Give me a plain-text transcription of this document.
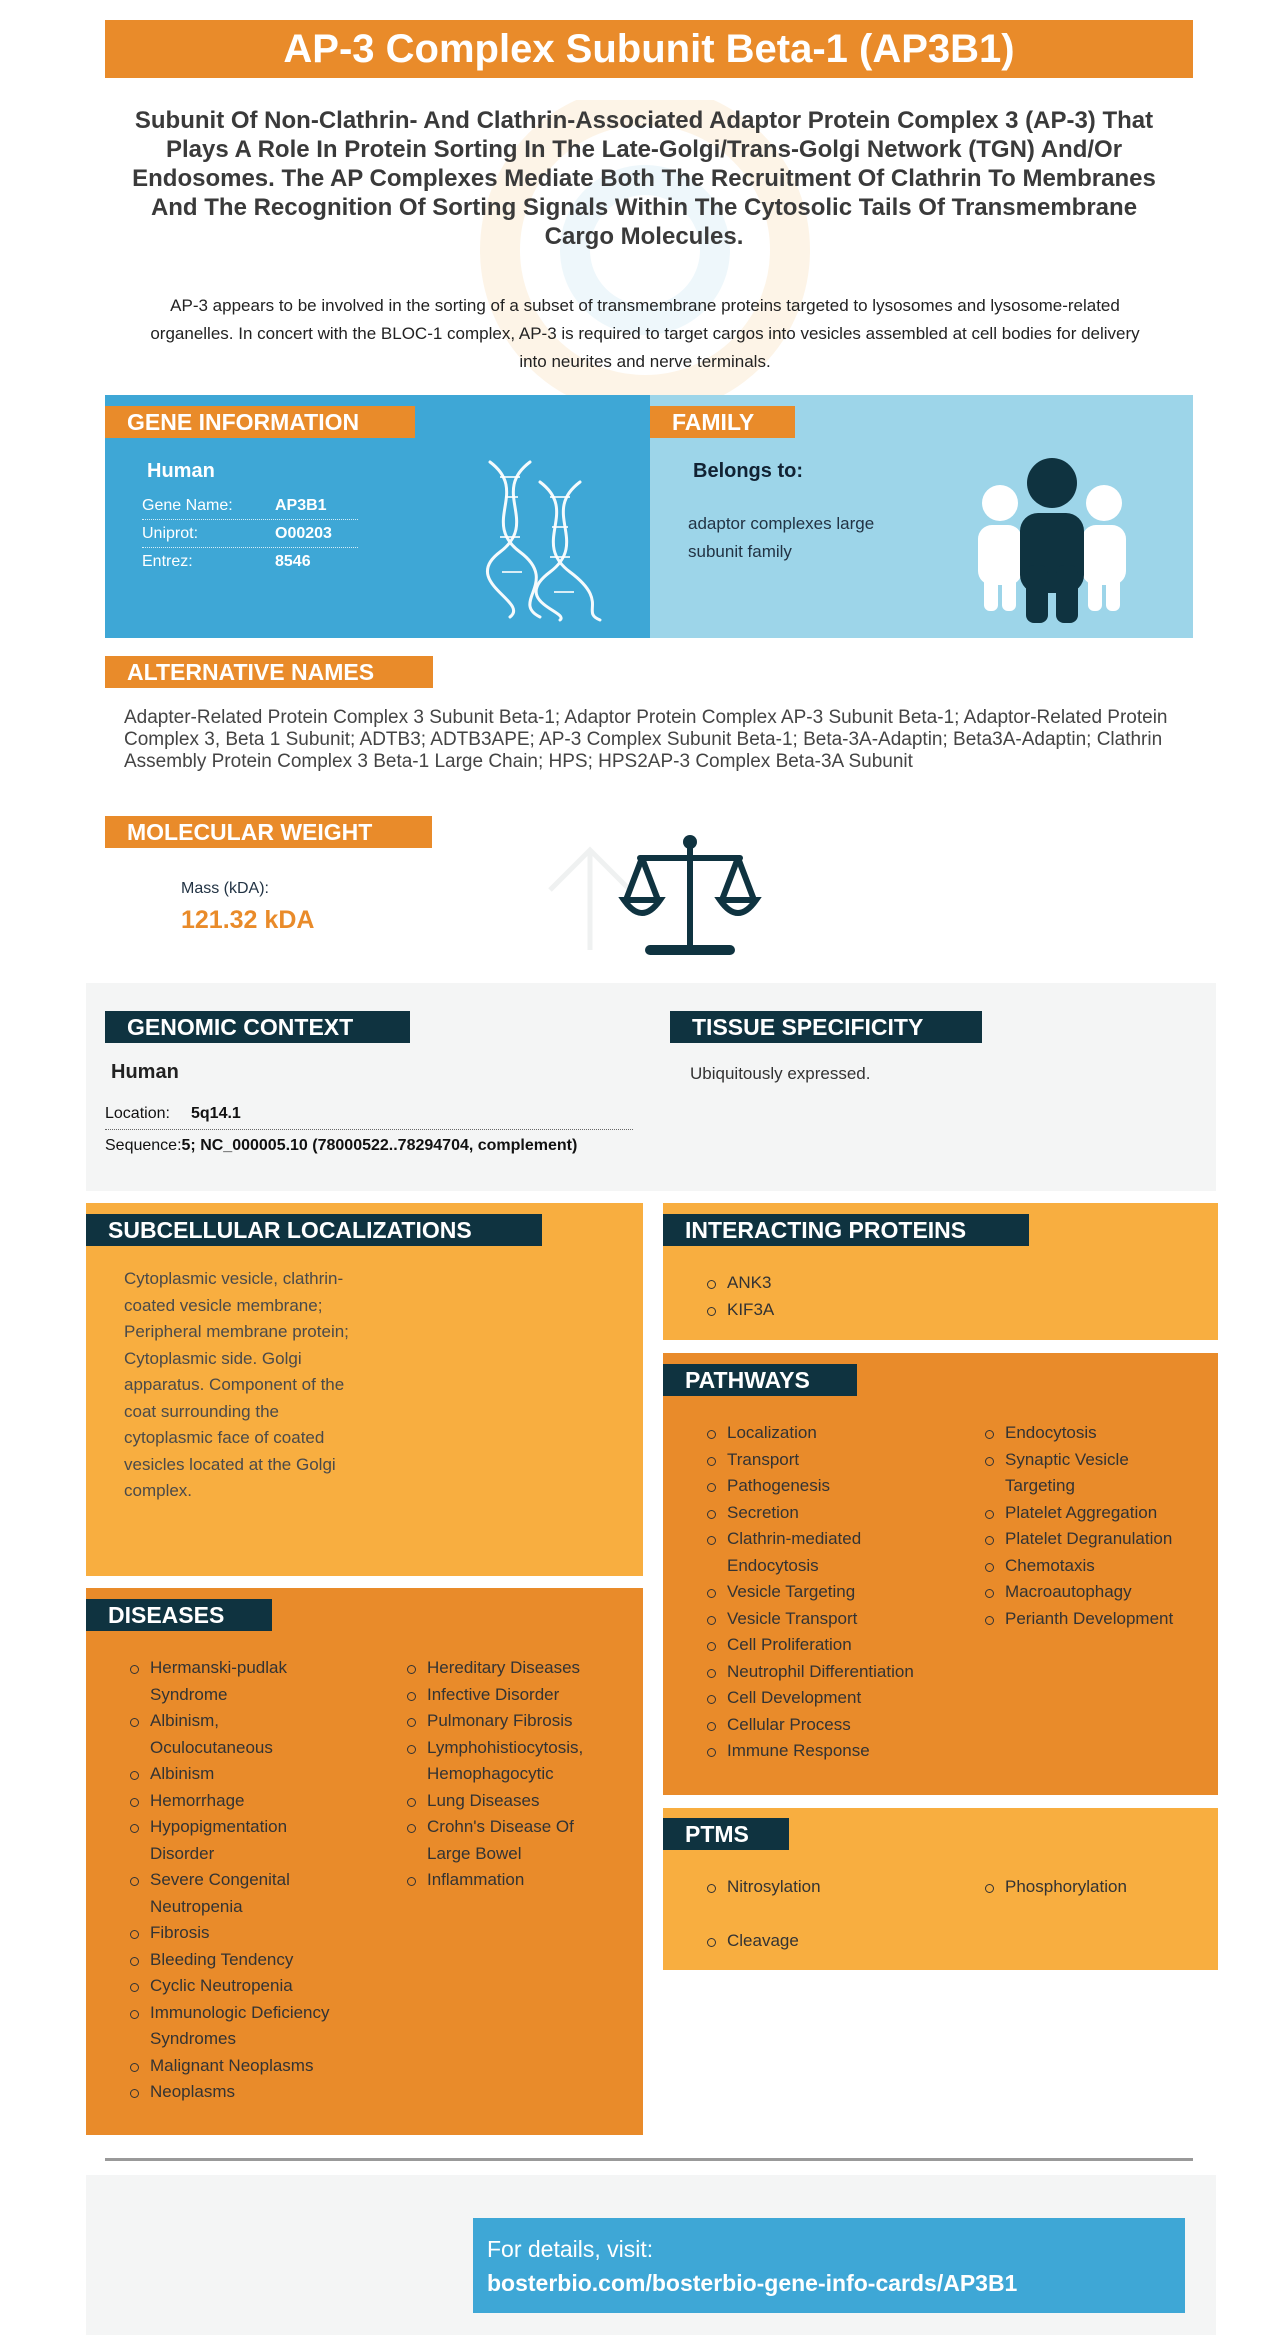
AP-3 Complex Subunit Beta-1 (AP3B1)
Subunit Of Non-Clathrin- And Clathrin-Associated Adaptor Protein Complex 3 (AP-3) That Plays A Role In Protein Sorting In The Late-Golgi/Trans-Golgi Network (TGN) And/Or Endosomes. The AP Complexes Mediate Both The Recruitment Of Clathrin To Membranes And The Recognition Of Sorting Signals Within The Cytosolic Tails Of Transmembrane Cargo Molecules.
AP-3 appears to be involved in the sorting of a subset of transmembrane proteins targeted to lysosomes and lysosome-related organelles. In concert with the BLOC-1 complex, AP-3 is required to target cargos into vesicles assembled at cell bodies for delivery into neurites and nerve terminals.
GENE INFORMATION	FAMILY
Human
Gene Name:	AP3B1
Uniprot:	O00203
Entrez:	8546
Belongs to:
adaptor complexes large subunit family
ALTERNATIVE NAMES
Adapter-Related Protein Complex 3 Subunit Beta-1; Adaptor Protein Complex AP-3 Subunit Beta-1; Adaptor-Related Protein Complex 3, Beta 1 Subunit; ADTB3; ADTB3APE; AP-3 Complex Subunit Beta-1; Beta-3A-Adaptin; Beta3A-Adaptin; Clathrin Assembly Protein Complex 3 Beta-1 Large Chain; HPS; HPS2AP-3 Complex Beta-3A Subunit
MOLECULAR WEIGHT
Mass (kDA):
121.32 kDA
GENOMIC CONTEXT	TISSUE SPECIFICITY
Human
Location: 5q14.1
Sequence:5; NC_000005.10 (78000522..78294704, complement)
Ubiquitously expressed.
SUBCELLULAR LOCALIZATIONS
Cytoplasmic vesicle, clathrin-coated vesicle membrane; Peripheral membrane protein; Cytoplasmic side. Golgi apparatus. Component of the coat surrounding the cytoplasmic face of coated vesicles located at the Golgi complex.
INTERACTING PROTEINS
ANK3
KIF3A
PATHWAYS
Localization
Transport
Pathogenesis
Secretion
Clathrin-mediated Endocytosis
Vesicle Targeting
Vesicle Transport
Cell Proliferation
Neutrophil Differentiation
Cell Development
Cellular Process
Immune Response
Endocytosis
Synaptic Vesicle Targeting
Platelet Aggregation
Platelet Degranulation
Chemotaxis
Macroautophagy
Perianth Development
PTMS
Nitrosylation
Cleavage
Phosphorylation
DISEASES
Hermanski-pudlak Syndrome
Albinism, Oculocutaneous
Albinism
Hemorrhage
Hypopigmentation Disorder
Severe Congenital Neutropenia
Fibrosis
Bleeding Tendency
Cyclic Neutropenia
Immunologic Deficiency Syndromes
Malignant Neoplasms
Neoplasms
Hereditary Diseases
Infective Disorder
Pulmonary Fibrosis
Lymphohistiocytosis, Hemophagocytic
Lung Diseases
Crohn's Disease Of Large Bowel
Inflammation
For details, visit:
bosterbio.com/bosterbio-gene-info-cards/AP3B1
